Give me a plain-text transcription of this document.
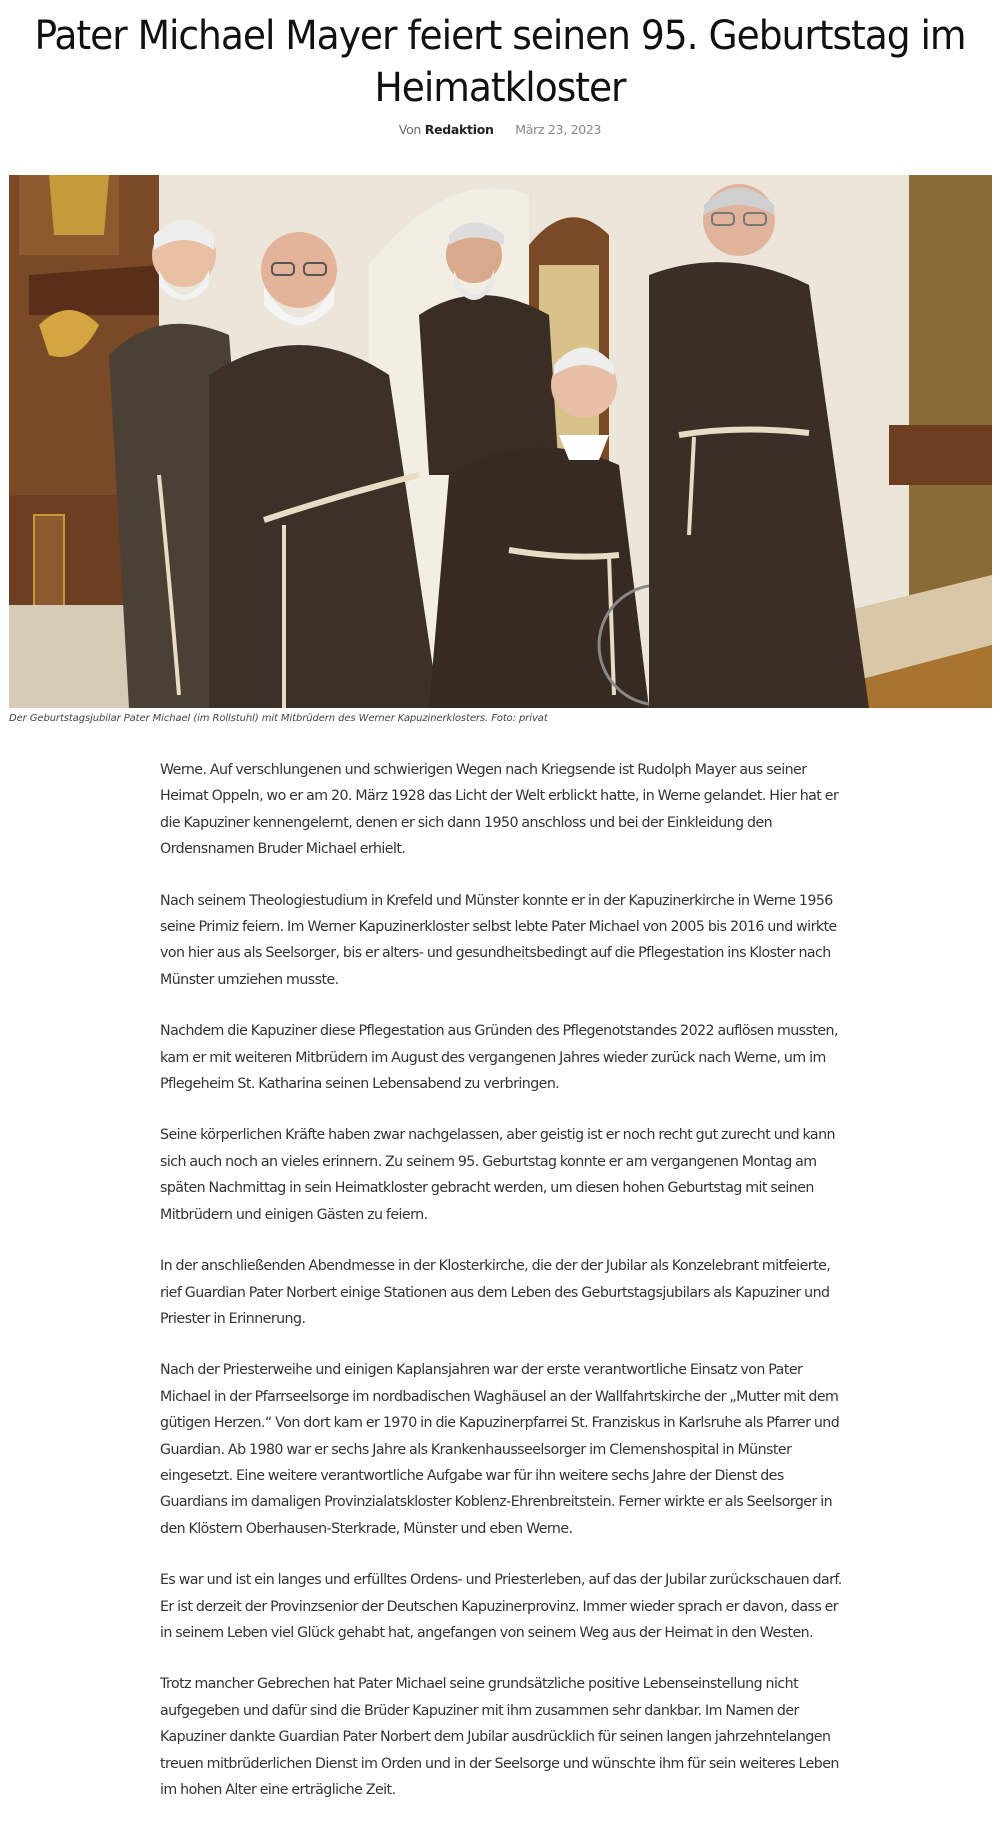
Pater Michael Mayer feiert seinen 95. Geburtstag im Heimatkloster
Von Redaktion März 23, 2023
Der Geburtstagsjubilar Pater Michael (im Rollstuhl) mit Mitbrüdern des Werner Kapuzinerklosters. Foto: privat

Werne. Auf verschlungenen und schwierigen Wegen nach Kriegsende ist Rudolph Mayer aus seiner Heimat Oppeln, wo er am 20. März 1928 das Licht der Welt erblickt hatte, in Werne gelandet. Hier hat er die Kapuziner kennengelernt, denen er sich dann 1950 anschloss und bei der Einkleidung den Ordensnamen Bruder Michael erhielt.

Nach seinem Theologiestudium in Krefeld und Münster konnte er in der Kapuzinerkirche in Werne 1956 seine Primiz feiern. Im Werner Kapuzinerkloster selbst lebte Pater Michael von 2005 bis 2016 und wirkte von hier aus als Seelsorger, bis er alters- und gesundheitsbedingt auf die Pflegestation ins Kloster nach Münster umziehen musste.

Nachdem die Kapuziner diese Pflegestation aus Gründen des Pflegenotstandes 2022 auflösen mussten, kam er mit weiteren Mitbrüdern im August des vergangenen Jahres wieder zurück nach Werne, um im Pflegeheim St. Katharina seinen Lebensabend zu verbringen.

Seine körperlichen Kräfte haben zwar nachgelassen, aber geistig ist er noch recht gut zurecht und kann sich auch noch an vieles erinnern. Zu seinem 95. Geburtstag konnte er am vergangenen Montag am späten Nachmittag in sein Heimatkloster gebracht werden, um diesen hohen Geburtstag mit seinen Mitbrüdern und einigen Gästen zu feiern.

In der anschließenden Abendmesse in der Klosterkirche, die der der Jubilar als Konzelebrant mitfeierte, rief Guardian Pater Norbert einige Stationen aus dem Leben des Geburtstagsjubilars als Kapuziner und Priester in Erinnerung.

Nach der Priesterweihe und einigen Kaplansjahren war der erste verantwortliche Einsatz von Pater Michael in der Pfarrseelsorge im nordbadischen Waghäusel an der Wallfahrtskirche der „Mutter mit dem gütigen Herzen.“ Von dort kam er 1970 in die Kapuzinerpfarrei St. Franziskus in Karlsruhe als Pfarrer und Guardian. Ab 1980 war er sechs Jahre als Krankenhausseelsorger im Clemenshospital in Münster eingesetzt. Eine weitere verantwortliche Aufgabe war für ihn weitere sechs Jahre der Dienst des Guardians im damaligen Provinzialatskloster Koblenz-Ehrenbreitstein. Ferner wirkte er als Seelsorger in den Klöstern Oberhausen-Sterkrade, Münster und eben Werne.

Es war und ist ein langes und erfülltes Ordens- und Priesterleben, auf das der Jubilar zurückschauen darf. Er ist derzeit der Provinzsenior der Deutschen Kapuzinerprovinz. Immer wieder sprach er davon, dass er in seinem Leben viel Glück gehabt hat, angefangen von seinem Weg aus der Heimat in den Westen.

Trotz mancher Gebrechen hat Pater Michael seine grundsätzliche positive Lebenseinstellung nicht aufgegeben und dafür sind die Brüder Kapuziner mit ihm zusammen sehr dankbar. Im Namen der Kapuziner dankte Guardian Pater Norbert dem Jubilar ausdrücklich für seinen langen jahrzehntelangen treuen mitbrüderlichen Dienst im Orden und in der Seelsorge und wünschte ihm für sein weiteres Leben im hohen Alter eine erträgliche Zeit.
